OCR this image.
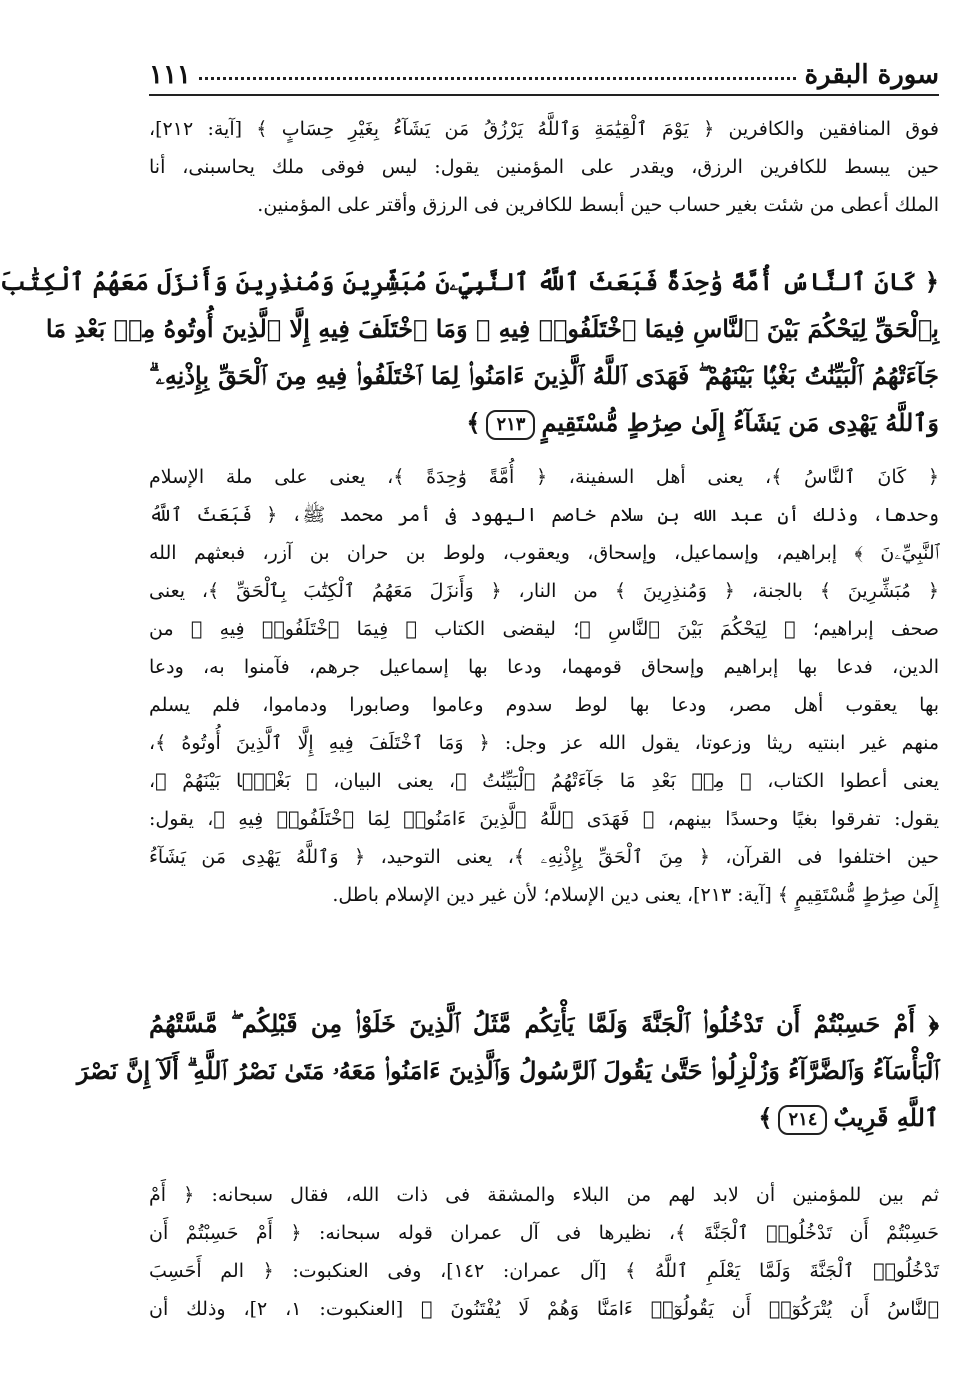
سورة البقرة
١١١
فوق المنافقين والكافرين ﴿ يَوْمَ ٱلْقِيَٰمَةِ وَٱللَّهُ يَرْزُقُ مَن يَشَآءُ بِغَيْرِ حِسَابٍ ﴾ [آية: ٢١٢]،
حين يبسط للكافرين الرزق، ويقدر على المؤمنين يقول: ليس فوقى ملك يحاسبنى، أنا
الملك أعطى من شئت بغير حساب حين أبسط للكافرين فى الرزق وأقتر على المؤمنين.
﴿ كَانَ ٱلنَّاسُ أُمَّةً وَٰحِدَةً فَبَعَثَ ٱللَّهُ ٱلنَّبِيِّۦنَ مُبَشِّرِينَ وَمُنذِرِينَ وَأَنزَلَ مَعَهُمُ ٱلْكِتَٰبَ
بِٱلْحَقِّ لِيَحْكُمَ بَيْنَ ٱلنَّاسِ فِيمَا ٱخْتَلَفُوا۟ فِيهِ ۚ وَمَا ٱخْتَلَفَ فِيهِ إِلَّا ٱلَّذِينَ أُوتُوهُ مِنۢ بَعْدِ مَا
جَآءَتْهُمُ ٱلْبَيِّنَٰتُ بَغْيًۢا بَيْنَهُمْ ۖ فَهَدَى ٱللَّهُ ٱلَّذِينَ ءَامَنُوا۟ لِمَا ٱخْتَلَفُوا۟ فِيهِ مِنَ ٱلْحَقِّ بِإِذْنِهِۦ ۗ
وَٱللَّهُ يَهْدِى مَن يَشَآءُ إِلَىٰ صِرَٰطٍ مُّسْتَقِيمٍ٢١٣﴾
﴿ كَانَ ٱلنَّاسُ ﴾، يعنى أهل السفينة، ﴿ أُمَّةً وَٰحِدَةً ﴾، يعنى على ملة الإسلام
وحدها، وذلك أن عبد الله بن سلام خاصم اليهود فى أمر محمد ﷺ، ﴿ فَبَعَثَ ٱللَّهُ
ٱلنَّبِيِّۦنَ ﴾ إبراهيم، وإسماعيل، وإسحاق، ويعقوب، ولوط بن حران بن آزر، فبعثهم الله
﴿ مُبَشِّرِينَ ﴾ بالجنة، ﴿ وَمُنذِرِينَ ﴾ من النار، ﴿ وَأَنزَلَ مَعَهُمُ ٱلْكِتَٰبَ بِٱلْحَقِّ ﴾، يعنى
صحف إبراهيم؛ ﴿ لِيَحْكُمَ بَيْنَ ٱلنَّاسِ ﴾؛ ليقضى الكتاب ﴿ فِيمَا ٱخْتَلَفُوا۟ فِيهِ ﴾ من
الدين، فدعا بها إبراهيم وإسحاق قومهما، ودعا بها إسماعيل جرهم، فآمنوا به، ودعا
بها يعقوب أهل مصر، ودعا بها لوط سدوم وعاموا وصابورا ودماموا، فلم يسلم
منهم غير ابنتيه ريثا وزعوتا، يقول الله عز وجل: ﴿ وَمَا ٱخْتَلَفَ فِيهِ إِلَّا ٱلَّذِينَ أُوتُوهُ ﴾،
يعنى أعطوا الكتاب، ﴿ مِنۢ بَعْدِ مَا جَآءَتْهُمُ ٱلْبَيِّنَٰتُ ﴾، يعنى البيان، ﴿ بَغْيًۢا بَيْنَهُمْ ﴾،
يقول: تفرقوا بغيًا وحسدًا بينهم، ﴿ فَهَدَى ٱللَّهُ ٱلَّذِينَ ءَامَنُوا۟ لِمَا ٱخْتَلَفُوا۟ فِيهِ ﴾، يقول:
حين اختلفوا فى القرآن، ﴿ مِنَ ٱلْحَقِّ بِإِذْنِهِۦ ﴾، يعنى التوحيد، ﴿ وَٱللَّهُ يَهْدِى مَن يَشَآءُ
إِلَىٰ صِرَٰطٍ مُّسْتَقِيمٍ ﴾ [آية: ٢١٣]، يعنى دين الإسلام؛ لأن غير دين الإسلام باطل.
﴿ أَمْ حَسِبْتُمْ أَن تَدْخُلُوا۟ ٱلْجَنَّةَ وَلَمَّا يَأْتِكُم مَّثَلُ ٱلَّذِينَ خَلَوْا۟ مِن قَبْلِكُم ۖ مَّسَّتْهُمُ
ٱلْبَأْسَآءُ وَٱلضَّرَّآءُ وَزُلْزِلُوا۟ حَتَّىٰ يَقُولَ ٱلرَّسُولُ وَٱلَّذِينَ ءَامَنُوا۟ مَعَهُۥ مَتَىٰ نَصْرُ ٱللَّهِ ۗ أَلَآ إِنَّ نَصْرَ
ٱللَّهِ قَرِيبٌ٢١٤﴾
ثم بين للمؤمنين أن لابد لهم من البلاء والمشقة فى ذات الله، فقال سبحانه: ﴿ أَمْ
حَسِبْتُمْ أَن تَدْخُلُوا۟ ٱلْجَنَّةَ ﴾، نظيرها فى آل عمران قوله سبحانه: ﴿ أَمْ حَسِبْتُمْ أَن
تَدْخُلُوا۟ ٱلْجَنَّةَ وَلَمَّا يَعْلَمِ ٱللَّهُ ﴾ [آل عمران: ١٤٢]، وفى العنكبوت: ﴿ الم أَحَسِبَ
ٱلنَّاسُ أَن يُتْرَكُوٓا۟ أَن يَقُولُوٓا۟ ءَامَنَّا وَهُمْ لَا يُفْتَنُونَ ﴾ [العنكبوت: ١، ٢]، وذلك أن
